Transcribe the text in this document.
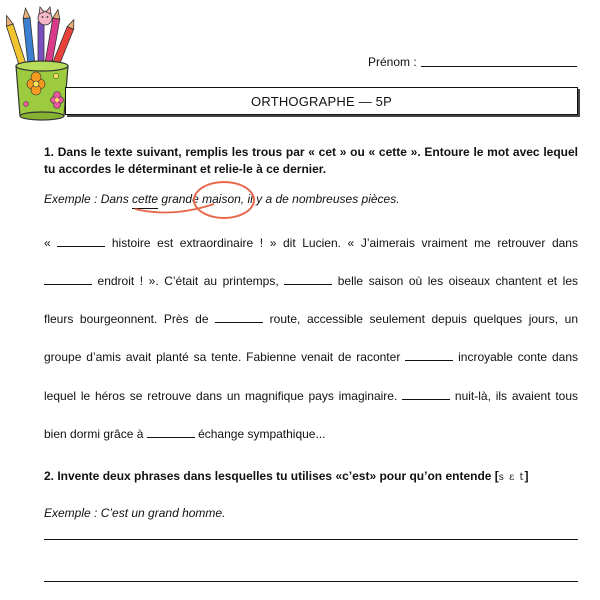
Prénom :
ORTHOGRAPHE — 5P
1. Dans le texte suivant, remplis les trous par « cet » ou « cette ». Entoure le mot avec lequel tu accordes le déterminant et relie-le à ce dernier.
Exemple : Dans cette grande maison
, il y a de nombreuses pièces.
«	histoire est extraordinaire ! » dit Lucien. « J’aimerais vraiment me retrouver dans
endroit ! ». C’était au printemps,	belle saison où les oiseaux chantent et les
fleurs bourgeonnent. Près de	route, accessible seulement depuis quelques jours, un
groupe d’amis avait planté sa tente. Fabienne venait de raconter	incroyable conte dans
lequel le héros se retrouve dans un magnifique pays imaginaire.	nuit-là, ils avaient tous
bien dormi grâce à	échange sympathique...
2. Invente deux phrases dans lesquelles tu utilises «c’est» pour qu’on entende [s ε t]
Exemple : C’est un grand homme.
